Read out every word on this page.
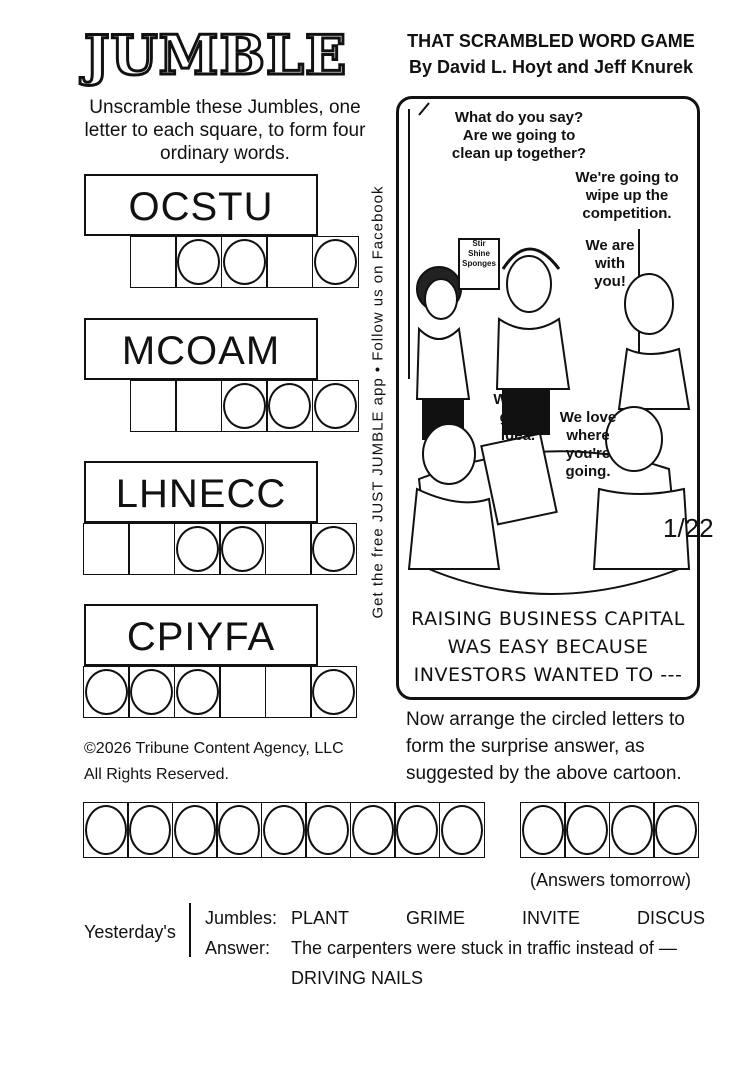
JUMBLE	THAT SCRAMBLED WORD GAME
By David L. Hoyt and Jeff Knurek
Unscramble these Jumbles, one letter to each square, to form four ordinary words.
OCSTU
MCOAM
LHNECC
CPIYFA
Get the free JUST JUMBLE app • Follow us on Facebook
What do you say? Are we going to clean up together?
We're going to wipe up the competition.
We are with you!
What a great idea.
We love where you're going.
Stir Shine Sponges
1/22
RAISING BUSINESS CAPITAL WAS EASY BECAUSE INVESTORS WANTED TO ---
©2026 Tribune Content Agency, LLC
All Rights Reserved.
Now arrange the circled letters to form the surprise answer, as suggested by the above cartoon.
(Answers tomorrow)
Yesterday's
Jumbles: PLANT	GRIME	INVITE	DISCUS
Answer:	The carpenters were stuck in traffic instead of —
DRIVING NAILS
